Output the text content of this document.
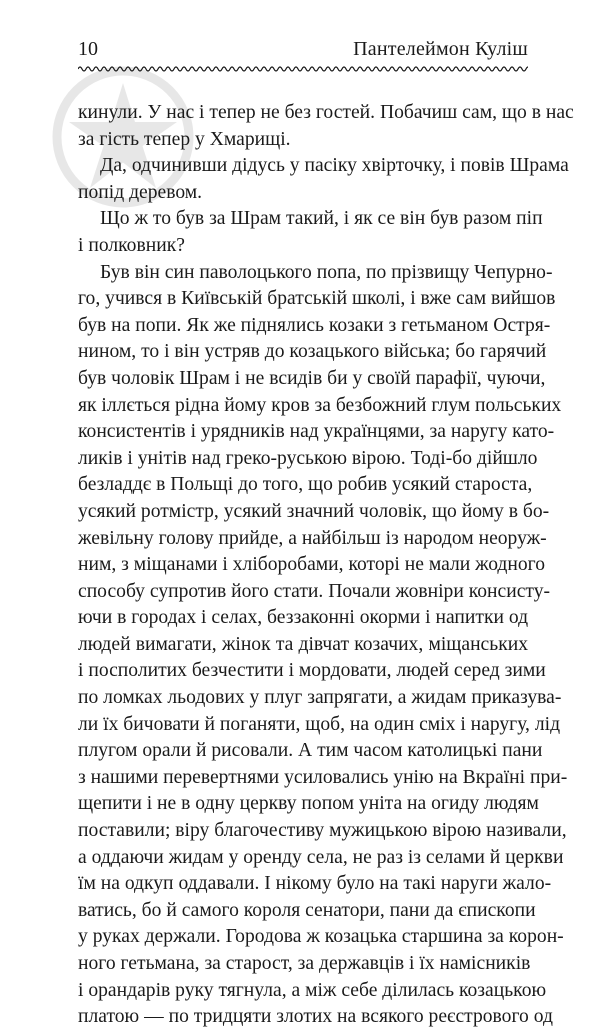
10	Пантелеймон Куліш
кинули. У нас і тепер не без гостей. Побачиш сам, що в нас
за гість тепер у Хмарищі.
Да, одчинивши дідусь у пасіку хвірточку, і повів Шрама
попід деревом.
Що ж то був за Шрам такий, і як се він був разом піп
і полковник?
Був він син паволоцького попа, по прізвищу Чепурно-
го, учився в Київській братській школі, і вже сам вийшов
був на попи. Як же піднялись козаки з гетьманом Остря-
нином, то і він устряв до козацького війська; бо гарячий
був чоловік Шрам і не всидів би у своїй парафії, чуючи,
як іллється рідна йому кров за безбожний глум польських
консистентів і урядників над українцями, за наругу като-
ликів і унітів над греко-руською вірою. Тоді-бо дійшло
безладдє в Польщі до того, що робив усякий староста,
усякий ротмістр, усякий значний чоловік, що йому в бо-
жевільну голову прийде, а найбільш із народом неоруж-
ним, з міщанами і хліборобами, которі не мали жодного
способу супротив його стати. Почали жовніри консисту-
ючи в городах і селах, беззаконні окорми і напитки од
людей вимагати, жінок та дівчат козачих, міщанських
і посполитих безчестити і мордовати, людей серед зими
по ломках льодових у плуг запрягати, а жидам приказува-
ли їх бичовати й поганяти, щоб, на один сміх і наругу, лід
плугом орали й рисовали. А тим часом католицькі пани
з нашими перевертнями усиловались унію на Вкраїні при-
щепити і не в одну церкву попом уніта на огиду людям
поставили; віру благочестиву мужицькою вірою називали,
а оддаючи жидам у оренду села, не раз із селами й церкви
їм на одкуп оддавали. І нікому було на такі наруги жало-
ватись, бо й самого короля сенатори, пани да єпископи
у руках держали. Городова ж козацька старшина за корон-
ного гетьмана, за старост, за державців і їх намісників
і орандарів руку тягнула, а між себе ділилась козацькою
платою — по тридцяти злотих на всякого реєстрового од
